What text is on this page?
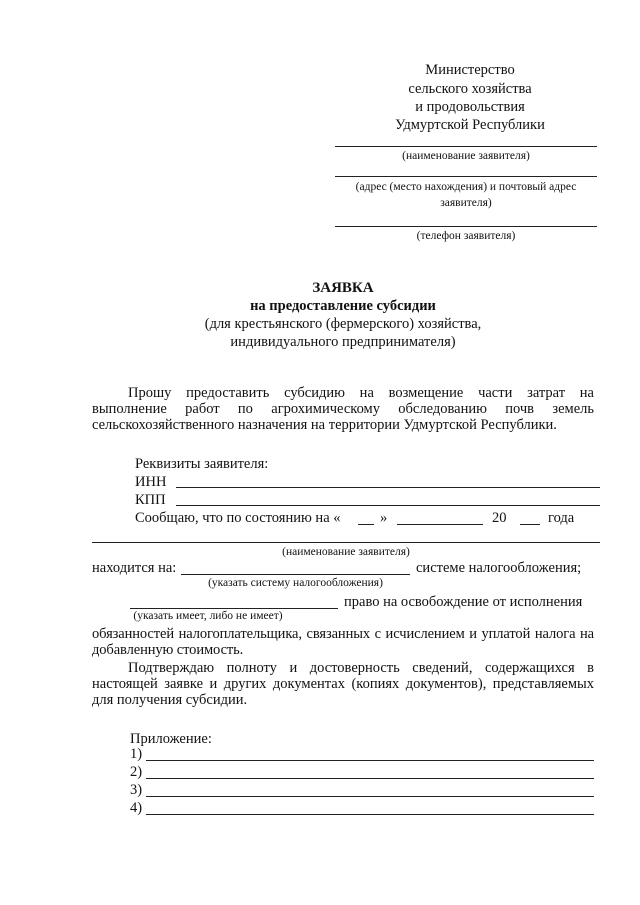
Министерство
сельского хозяйства
и продовольствия
Удмуртской Республики
(наименование заявителя)
(адрес (место нахождения) и почтовый адрес
заявителя)
(телефон заявителя)
ЗАЯВКА
на предоставление субсидии
(для крестьянского (фермерского) хозяйства,
индивидуального предпринимателя)
Прошу предоставить субсидию на возмещение части затрат на выполнение работ по агрохимическому обследованию почв земель сельскохозяйственного назначения на территории Удмуртской Республики.
Реквизиты заявителя:
ИНН
КПП
Сообщаю, что по состоянию на «	»	20	года
(наименование заявителя)
находится на:	системе налогообложения;
(указать систему налогообложения)
право на освобождение от исполнения
(указать имеет, либо не имеет)
обязанностей налогоплательщика, связанных с исчислением и уплатой налога на добавленную стоимость.
Подтверждаю полноту и достоверность сведений, содержащихся в настоящей заявке и других документах (копиях документов), представляемых для получения субсидии.
Приложение:
1)
2)
3)
4)
